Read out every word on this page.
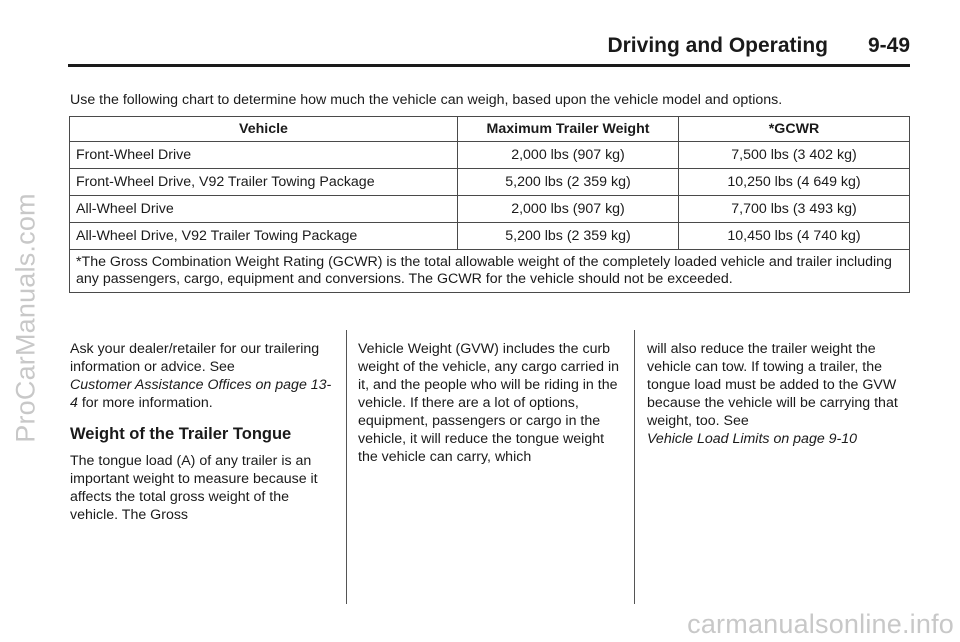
ProCarManuals.com
Driving and Operating 9-49
Use the following chart to determine how much the vehicle can weigh, based upon the vehicle model and options.
Vehicle	Maximum Trailer Weight	*GCWR
Front-Wheel Drive	2,000 lbs (907 kg)	7,500 lbs (3 402 kg)
Front-Wheel Drive, V92 Trailer Towing Package	5,200 lbs (2 359 kg)	10,250 lbs (4 649 kg)
All-Wheel Drive	2,000 lbs (907 kg)	7,700 lbs (3 493 kg)
All-Wheel Drive, V92 Trailer Towing Package	5,200 lbs (2 359 kg)	10,450 lbs (4 740 kg)
*The Gross Combination Weight Rating (GCWR) is the total allowable weight of the completely loaded vehicle and trailer including any passengers, cargo, equipment and conversions. The GCWR for the vehicle should not be exceeded.		

Ask your dealer/retailer for our trailering information or advice. See
Customer Assistance Offices on page 13-4 for more information.

Weight of the Trailer Tongue

The tongue load (A) of any trailer is an important weight to measure because it affects the total gross weight of the vehicle. The Gross

Vehicle Weight (GVW) includes the curb weight of the vehicle, any cargo carried in it, and the people who will be riding in the vehicle. If there are a lot of options, equipment, passengers or cargo in the vehicle, it will reduce the tongue weight the vehicle can carry, which

will also reduce the trailer weight the vehicle can tow. If towing a trailer, the tongue load must be added to the GVW because the vehicle will be carrying that weight, too. See
Vehicle Load Limits on page 9-10

carmanualsonline.info
